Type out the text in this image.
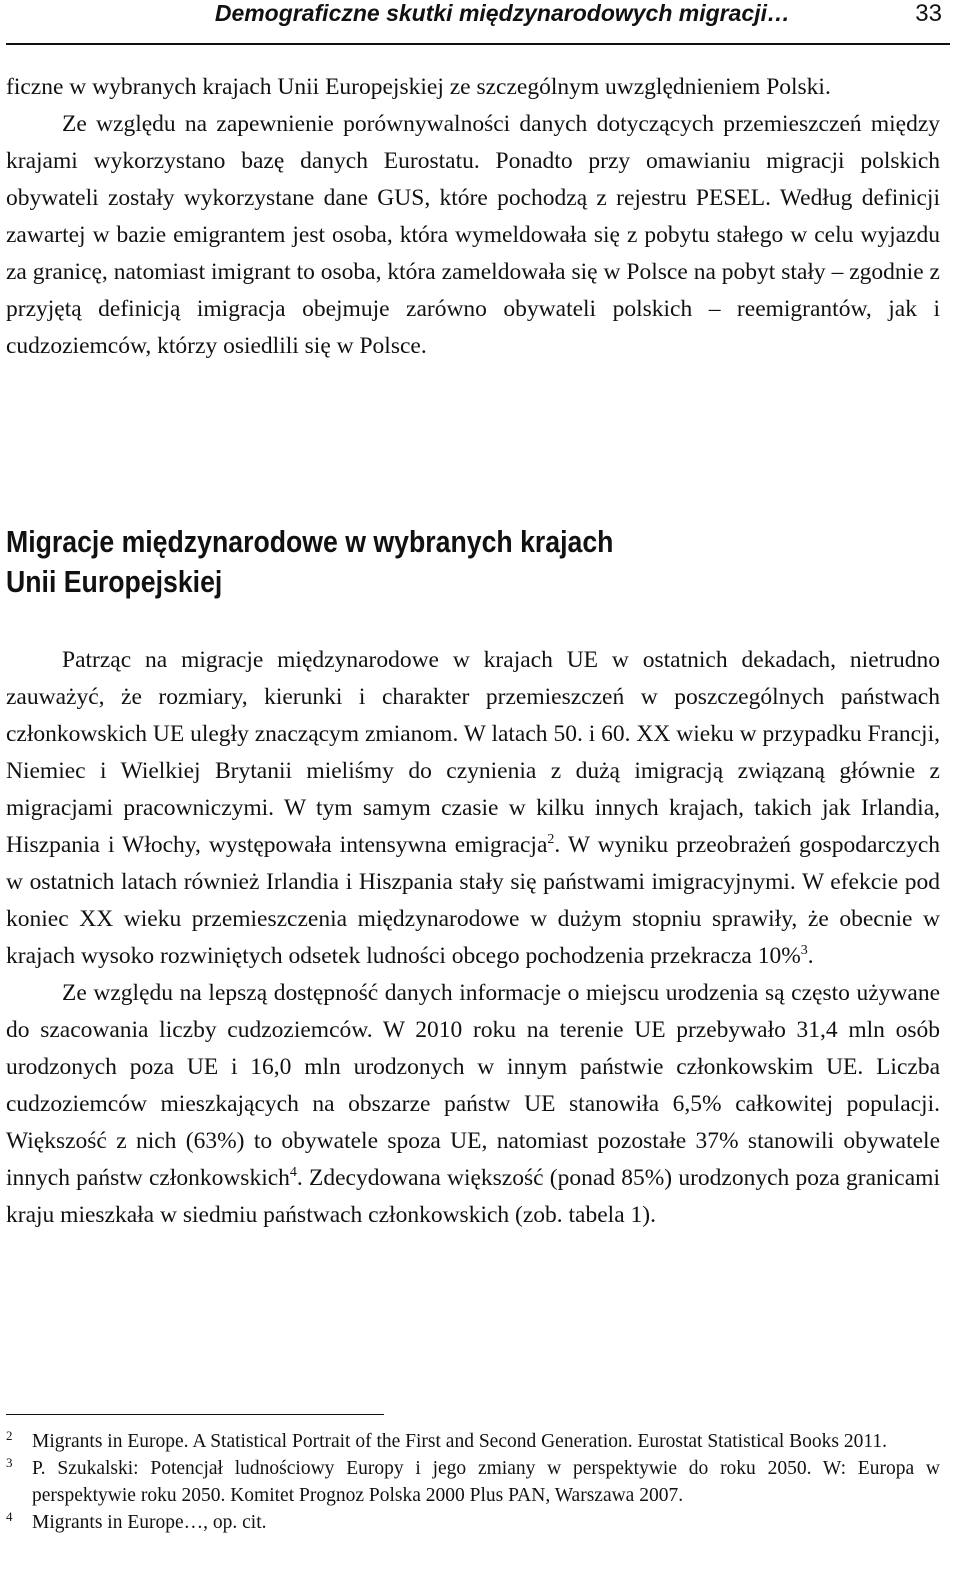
Demograficzne skutki międzynarodowych migracji…	33

ficzne w wybranych krajach Unii Europejskiej ze szczególnym uwzględnieniem Polski.

Ze względu na zapewnienie porównywalności danych dotyczących przemieszczeń między krajami wykorzystano bazę danych Eurostatu. Ponadto przy omawianiu migracji polskich obywateli zostały wykorzystane dane GUS, które pochodzą z rejestru PESEL. Według definicji zawartej w bazie emigrantem jest osoba, która wymeldowała się z pobytu stałego w celu wyjazdu za granicę, natomiast imigrant to osoba, która zameldowała się w Polsce na pobyt stały – zgodnie z przyjętą definicją imigracja obejmuje zarówno obywateli polskich – reemigrantów, jak i cudzoziemców, którzy osiedlili się w Polsce.

Migracje międzynarodowe w wybranych krajach
Unii Europejskiej

Patrząc na migracje międzynarodowe w krajach UE w ostatnich dekadach, nietrudno zauważyć, że rozmiary, kierunki i charakter przemieszczeń w poszczególnych państwach członkowskich UE uległy znaczącym zmianom. W latach 50. i 60. XX wieku w przypadku Francji, Niemiec i Wielkiej Brytanii mieliśmy do czynienia z dużą imigracją związaną głównie z migracjami pracowniczymi. W tym samym czasie w kilku innych krajach, takich jak Irlandia, Hiszpania i Włochy, występowała intensywna emigracja$^2$. W wyniku przeobrażeń gospodarczych w ostatnich latach również Irlandia i Hiszpania stały się państwami imigracyjnymi. W efekcie pod koniec XX wieku przemieszczenia międzynarodowe w dużym stopniu sprawiły, że obecnie w krajach wysoko rozwiniętych odsetek ludności obcego pochodzenia przekracza 10%$^3$.

Ze względu na lepszą dostępność danych informacje o miejscu urodzenia są często używane do szacowania liczby cudzoziemców. W 2010 roku na terenie UE przebywało 31,4 mln osób urodzonych poza UE i 16,0 mln urodzonych w innym państwie członkowskim UE. Liczba cudzoziemców mieszkających na obszarze państw UE stanowiła 6,5% całkowitej populacji. Większość z nich (63%) to obywatele spoza UE, natomiast pozostałe 37% stanowili obywatele innych państw członkowskich$^4$. Zdecydowana większość (ponad 85%) urodzonych poza granicami kraju mieszkała w siedmiu państwach członkowskich (zob. tabela 1).

2 Migrants in Europe. A Statistical Portrait of the First and Second Generation. Eurostat Statistical Books 2011.
3 P. Szukalski: Potencjał ludnościowy Europy i jego zmiany w perspektywie do roku 2050. W: Europa w perspektywie roku 2050. Komitet Prognoz Polska 2000 Plus PAN, Warszawa 2007.
4 Migrants in Europe…, op. cit.
